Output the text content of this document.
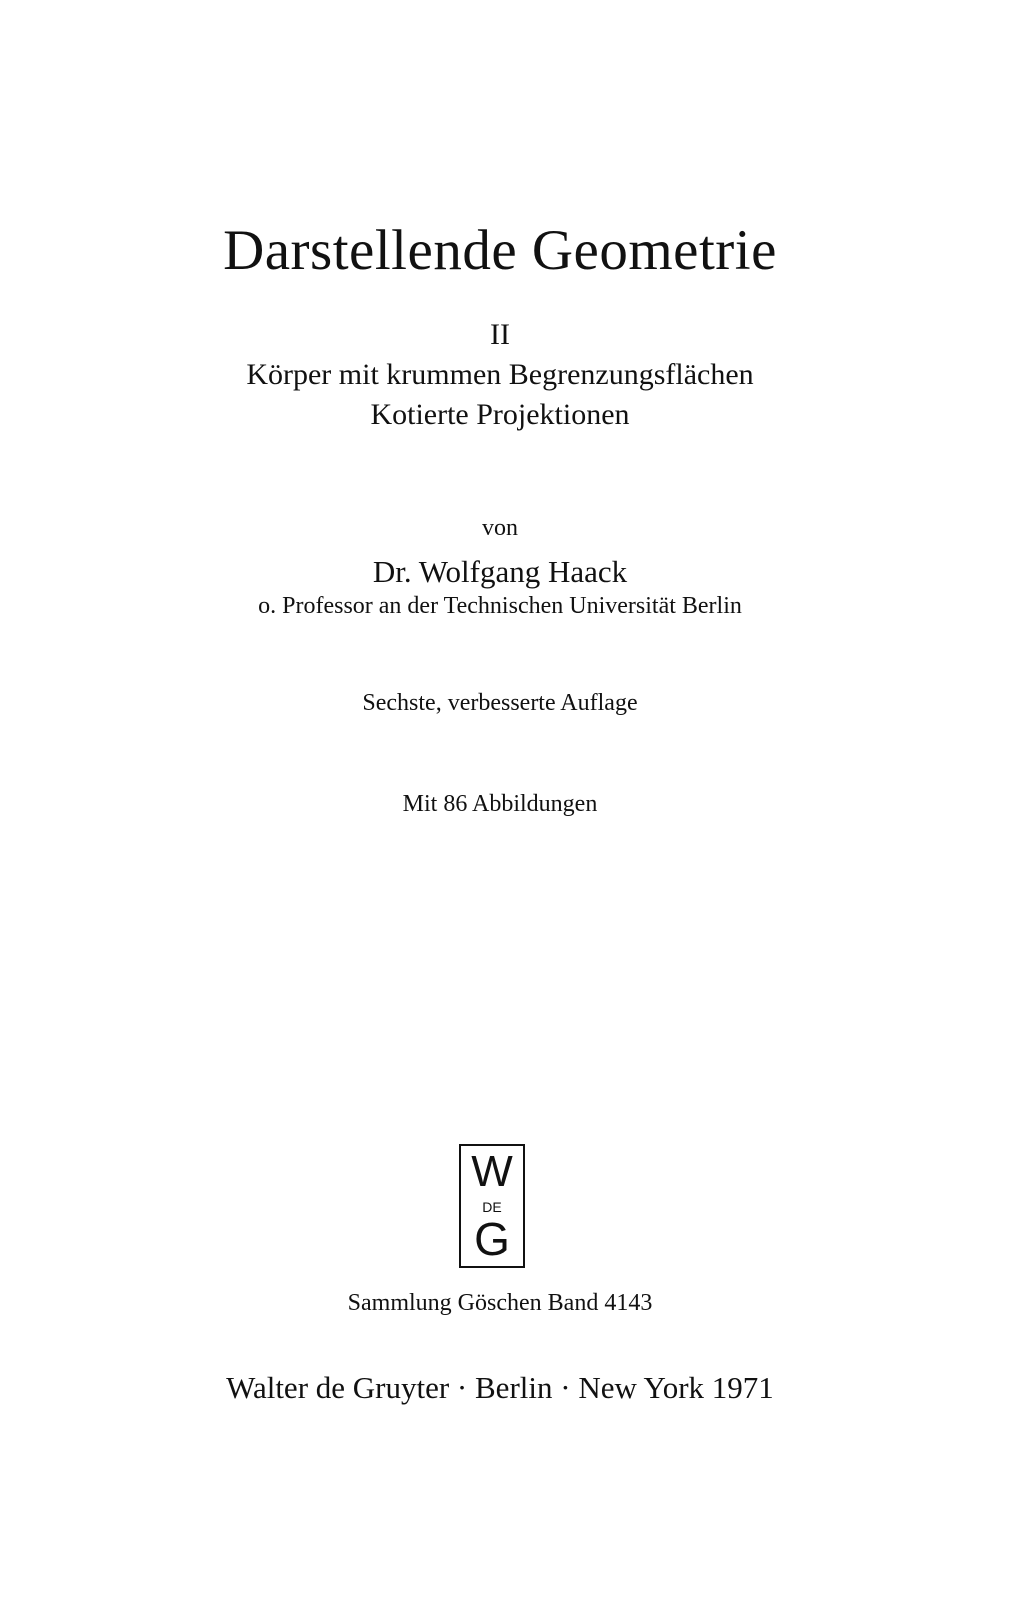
Darstellende Geometrie
II
Körper mit krummen Begrenzungsflächen
Kotierte Projektionen
von
Dr. Wolfgang Haack
o. Professor an der Technischen Universität Berlin
Sechste, verbesserte Auflage
Mit 86 Abbildungen
W
DE
G
Sammlung Göschen Band 4143
Walter de Gruyter · Berlin · New York 1971
